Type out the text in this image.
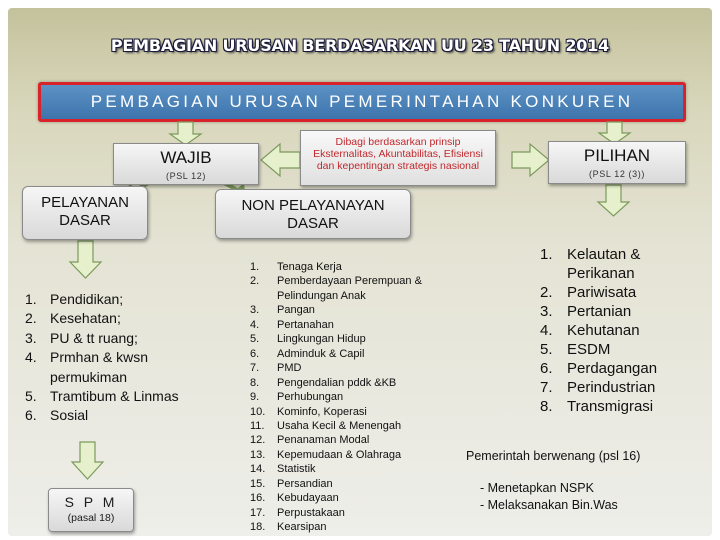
PEMBAGIAN URUSAN BERDASARKAN UU 23 TAHUN 2014
PEMBAGIAN URUSAN PEMERINTAHAN KONKUREN
WAJIB
(PSL 12)
Dibagi berdasarkan prinsip Eksternalitas, Akuntabilitas, Efisiensi dan kepentingan strategis nasional
PILIHAN
(PSL 12 (3))
PELAYANAN DASAR
NON PELAYANAYAN DASAR
1. Pendidikan;
2. Kesehatan;
3. PU & tt ruang;
4. Prmhan & kwsn permukiman
5. Tramtibum & Linmas
6. Sosial
S P M
(pasal 18)
1.	Tenaga Kerja
2.	Pemberdayaan Perempuan & Pelindungan Anak
3.	Pangan
4.	Pertanahan
5.	Lingkungan Hidup
6.	Adminduk & Capil
7.	PMD
8.	Pengendalian pddk &KB
9.	Perhubungan
10.	Kominfo, Koperasi
11.	Usaha Kecil & Menengah
12.	Penanaman Modal
13.	Kepemudaan & Olahraga
14.	Statistik
15.	Persandian
16.	Kebudayaan
17.	Perpustakaan
18.	Kearsipan
1. Kelautan & Perikanan
2. Pariwisata
3. Pertanian
4. Kehutanan
5. ESDM
6. Perdagangan
7. Perindustrian
8. Transmigrasi
Pemerintah berwenang (psl 16)
- Menetapkan NSPK
- Melaksanakan Bin.Was
